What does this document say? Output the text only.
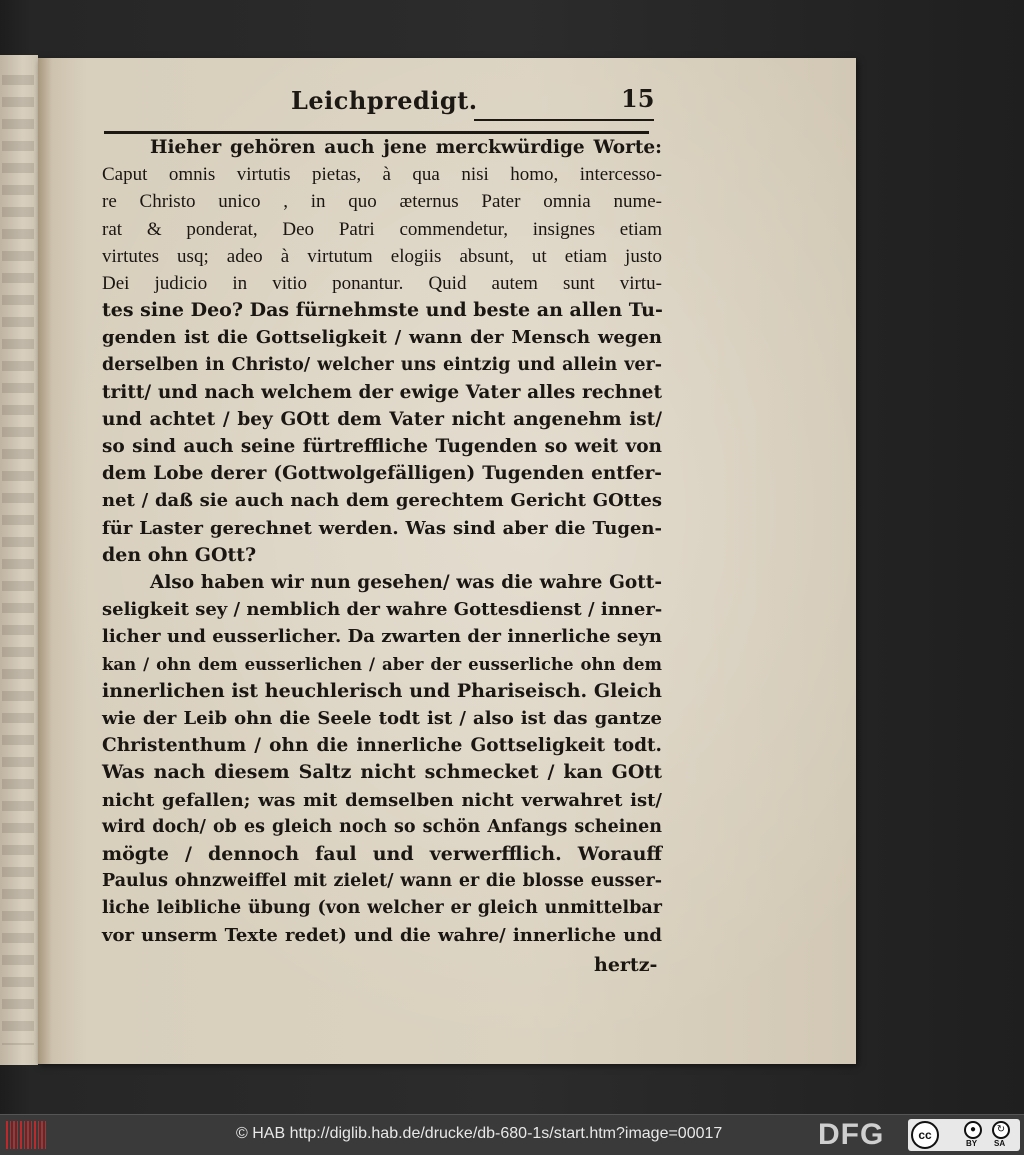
Leichpredigt.	15
Hieher gehören auch jene merckwürdige Worte:
Caput omnis virtutis pietas, à qua nisi homo, intercesso-
re Christo unico , in quo æternus Pater omnia nume-
rat & ponderat, Deo Patri commendetur, insignes etiam
virtutes usq; adeo à virtutum elogiis absunt, ut etiam justo
Dei judicio in vitio ponantur. Quid autem sunt virtu-
tes sine Deo? Das fürnehmste und beste an allen Tu-
genden ist die Gottseligkeit / wann der Mensch wegen
derselben in Christo/ welcher uns eintzig und allein ver-
tritt/ und nach welchem der ewige Vater alles rechnet
und achtet / bey GOtt dem Vater nicht angenehm ist/
so sind auch seine fürtreffliche Tugenden so weit von
dem Lobe derer (Gottwolgefälligen) Tugenden entfer-
net / daß sie auch nach dem gerechtem Gericht GOttes
für Laster gerechnet werden. Was sind aber die Tugen-
den ohn GOtt?
Also haben wir nun gesehen/ was die wahre Gott-
seligkeit sey / nemblich der wahre Gottesdienst / inner-
licher und eusserlicher. Da zwarten der innerliche seyn
kan / ohn dem eusserlichen / aber der eusserliche ohn dem
innerlichen ist heuchlerisch und Phariseisch. Gleich
wie der Leib ohn die Seele todt ist / also ist das gantze
Christenthum / ohn die innerliche Gottseligkeit todt.
Was nach diesem Saltz nicht schmecket / kan GOtt
nicht gefallen; was mit demselben nicht verwahret ist/
wird doch/ ob es gleich noch so schön Anfangs scheinen
mögte / dennoch faul und verwerfflich. Worauff
Paulus ohnzweiffel mit zielet/ wann er die blosse eusser-
liche leibliche übung (von welcher er gleich unmittelbar
vor unserm Texte redet) und die wahre/ innerliche und
hertz-
© HAB http://diglib.hab.de/drucke/db-680-1s/start.htm?image=00017	DFG	cc	●	↻
BY SA
